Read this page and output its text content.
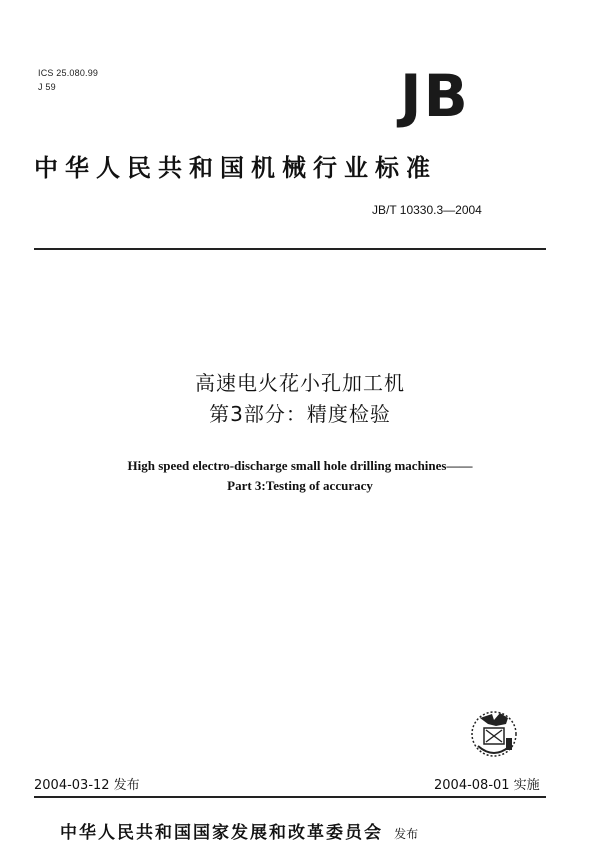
ICS 25.080.99
J 59	JB
中华人民共和国机械行业标准
JB/T 10330.3—2004
高速电火花小孔加工机
第3部分：精度检验
High speed electro-discharge small hole drilling machines——
Part 3:Testing of accuracy
2004-03-12 发布	2004-08-01 实施
中华人民共和国国家发展和改革委员会 发布
